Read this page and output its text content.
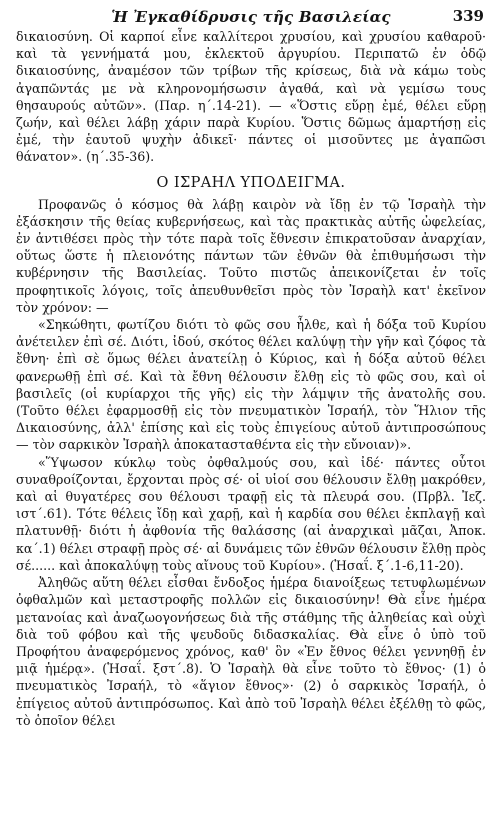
Ἡ Ἐγκαθίδρυσις τῆς Βασιλείας	339

δικαιοσύνη. Οἱ καρποί εἶνε καλλίτεροι χρυσίου, καὶ χρυσίου καθαροῦ· καὶ τὰ γεννήματά μου, ἐκλεκτοῦ ἀργυρίου. Περιπατῶ ἐν ὁδῷ δικαιοσύνης, ἀναμέσον τῶν τρίβων τῆς κρίσεως, διὰ νὰ κάμω τοὺς ἀγαπῶντάς με νὰ κληρονομήσωσιν ἀγαθά, καὶ νὰ γεμίσω τους θησαυρούς αὐτῶν». (Παρ. η΄.14-21). — «Ὅστις εὕρῃ ἐμέ, θέλει εὕρῃ ζωήν, καὶ θέλει λάβῃ χάριν παρὰ Κυρίου. Ὅστις δῶμως ἁμαρτήσῃ εἰς ἐμέ, τὴν ἑαυτοῦ ψυχὴν ἀδικεῖ· πάντες οἱ μισοῦντες με ἀγαπῶσι θάνατον». (η΄.35-36).

Ο ΙΣΡΑΗΛ ΥΠΟΔΕΙΓΜΑ.

Προφανῶς ὁ κόσμος θὰ λάβῃ καιρὸν νὰ ἴδῃ ἐν τῷ Ἰσραὴλ τὴν ἐξάσκησιν τῆς θείας κυβερνήσεως, καὶ τὰς πρακτικὰς αὐτῆς ὠφελείας, ἐν ἀντιθέσει πρὸς τὴν τότε παρὰ τοῖς ἔθνεσιν ἐπικρατοῦσαν ἀναρχίαν, οὕτως ὥστε ἡ πλειονότης πάντων τῶν ἐθνῶν θὰ ἐπιθυμήσωσι τὴν κυβέρνησιν τῆς Βασιλείας. Τοῦτο πιστῶς ἀπεικονίζεται ἐν τοῖς προφητικοῖς λόγοις, τοῖς ἀπευθυνθεῖσι πρὸς τὸν Ἰσραὴλ κατ' ἐκεῖνον τὸν χρόνον: —

«Σηκώθητι, φωτίζου διότι τὸ φῶς σου ἦλθε, καὶ ἡ δόξα τοῦ Κυρίου ἀνέτειλεν ἐπὶ σέ. Διότι, ἰδού, σκότος θέλει καλύψῃ τὴν γῆν καὶ ζόφος τὰ ἔθνη· ἐπὶ σὲ ὅμως θέλει ἀνατείλῃ ὁ Κύριος, καὶ ἡ δόξα αὐτοῦ θέλει φανερωθῇ ἐπὶ σέ. Καὶ τὰ ἔθνη θέλουσιν ἔλθῃ εἰς τὸ φῶς σου, καὶ οἱ βασιλεῖς (οἱ κυρίαρχοι τῆς γῆς) εἰς τὴν λάμψιν τῆς ἀνατολῆς σου. (Τοῦτο θέλει ἐφαρμοσθῇ εἰς τὸν πνευματικὸν Ἰσραήλ, τὸν Ἥλιον τῆς Δικαιοσύνης, ἀλλ' ἐπίσης καὶ εἰς τοὺς ἐπιγείους αὐτοῦ ἀντιπροσώπους — τὸν σαρκικὸν Ἰσραὴλ ἀποκατασταθέντα εἰς τὴν εὔνοιαν)».

«Ὕψωσον κύκλῳ τοὺς ὀφθαλμούς σου, καὶ ἰδέ· πάντες οὗτοι συναθροίζονται, ἔρχονται πρὸς σέ· οἱ υἱοί σου θέλουσιν ἔλθῃ μακρόθεν, καὶ αἱ θυγατέρες σου θέλουσι τραφῇ εἰς τὰ πλευρά σου. (Πρβλ. Ἰεζ. ιστ΄.61). Τότε θέλεις ἴδῃ καὶ χαρῇ, καὶ ἡ καρδία σου θέλει ἐκπλαγῇ καὶ πλατυνθῇ· διότι ἡ ἀφθονία τῆς θαλάσσης (αἱ ἀναρχικαὶ μᾶζαι, Ἀποκ. κα΄.1) θέλει στραφῇ πρὸς σέ· αἱ δυνάμεις τῶν ἐθνῶν θέλουσιν ἔλθῃ πρὸς σέ...... καὶ ἀποκαλύψῃ τοὺς αἴνους τοῦ Κυρίου». (Ἡσαΐ. ξ΄.1-6,11-20).

Ἀληθῶς αὕτη θέλει εἶσθαι ἔνδοξος ἡμέρα διανοίξεως τετυφλωμένων ὀφθαλμῶν καὶ μεταστροφῆς πολλῶν εἰς δικαιοσύνην! Θὰ εἶνε ἡμέρα μετανοίας καὶ ἀναζωογονήσεως διὰ τῆς στάθμης τῆς ἀληθείας καὶ οὐχὶ διὰ τοῦ φόβου καὶ τῆς ψευδοῦς διδασκαλίας. Θὰ εἶνε ὁ ὑπὸ τοῦ Προφήτου ἀναφερόμενος χρόνος, καθ' ὃν «Ἐν ἔθνος θέλει γεννηθῇ ἐν μιᾷ ἡμέρᾳ». (Ἡσαΐ. ξστ΄.8). Ὁ Ἰσραὴλ θὰ εἶνε τοῦτο τὸ ἔθνος· (1) ὁ πνευματικὸς Ἰσραήλ, τὸ «ἅγιον ἔθνος»· (2) ὁ σαρκικὸς Ἰσραήλ, ὁ ἐπίγειος αὐτοῦ ἀντιπρόσωπος. Καὶ ἀπὸ τοῦ Ἰσραὴλ θέλει ἐξέλθῃ τὸ φῶς, τὸ ὁποῖον θέλει
